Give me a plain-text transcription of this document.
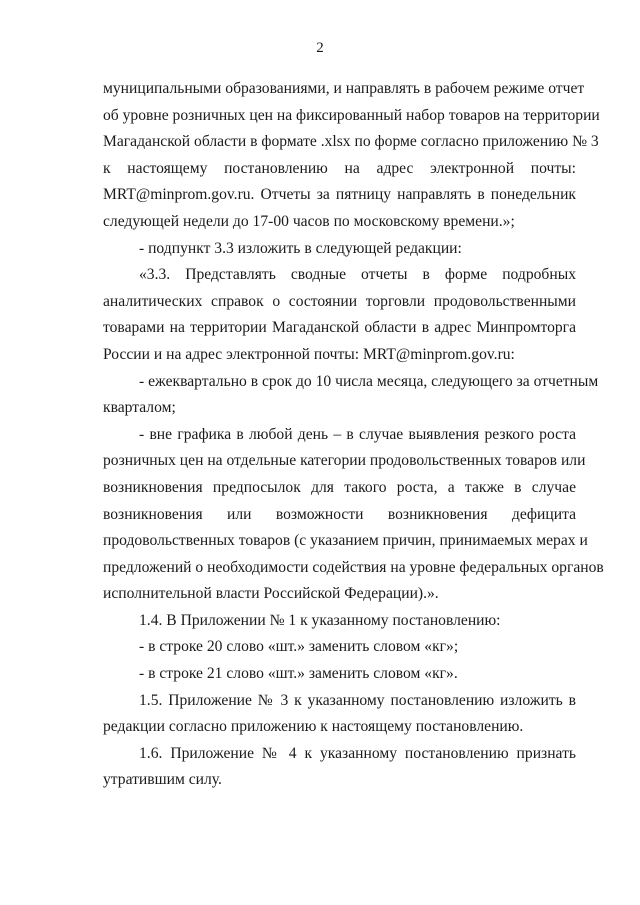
2
муниципальными образованиями, и направлять в рабочем режиме отчет
об уровне розничных цен на фиксированный набор товаров на территории
Магаданской области в формате .xlsx по форме согласно приложению № 3
к настоящему постановлению на адрес электронной почты:
MRT@minprom.gov.ru. Отчеты за пятницу направлять в понедельник
следующей недели до 17-00 часов по московскому времени.»;
- подпункт 3.3 изложить в следующей редакции:
«3.3. Представлять сводные отчеты в форме подробных
аналитических справок о состоянии торговли продовольственными
товарами на территории Магаданской области в адрес Минпромторга
России и на адрес электронной почты: MRT@minprom.gov.ru:
- ежеквартально в срок до 10 числа месяца, следующего за отчетным
кварталом;
- вне графика в любой день – в случае выявления резкого роста
розничных цен на отдельные категории продовольственных товаров или
возникновения предпосылок для такого роста, а также в случае
возникновения или возможности возникновения дефицита
продовольственных товаров (с указанием причин, принимаемых мерах и
предложений о необходимости содействия на уровне федеральных органов
исполнительной власти Российской Федерации).».
1.4. В Приложении № 1 к указанному постановлению:
- в строке 20 слово «шт.» заменить словом «кг»;
- в строке 21 слово «шт.» заменить словом «кг».
1.5. Приложение № 3 к указанному постановлению изложить в
редакции согласно приложению к настоящему постановлению.
1.6. Приложение № 4 к указанному постановлению признать
утратившим силу.
